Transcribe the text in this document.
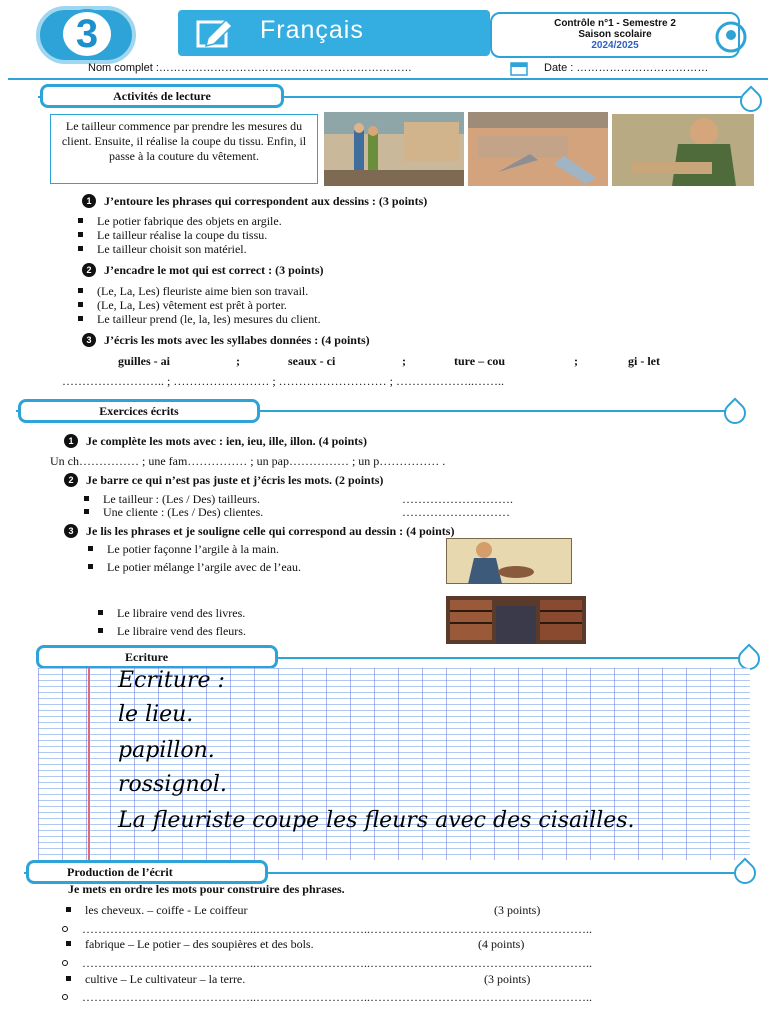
3	Français	Contrôle n°1 - Semestre 2
Saison scolaire
2024/2025
Nom complet :……………………………………………………………	Date : ………………………………
Activités de lecture
Le tailleur commence par prendre les mesures du client. Ensuite, il réalise la coupe du tissu. Enfin, il passe à la couture du vêtement.
1 J’entoure les phrases qui correspondent aux dessins : (3 points)
Le potier fabrique des objets en argile.
Le tailleur réalise la coupe du tissu.
Le tailleur choisit son matériel.
2 J’encadre le mot qui est correct : (3 points)
(Le, La, Les) fleuriste aime bien son travail.
(Le, La, Les) vêtement est prêt à porter.
Le tailleur prend (le, la, les) mesures du client.
3 J’écris les mots avec les syllabes données : (4 points)
guilles - ai	;	seaux - ci	;	ture – cou	;	gi - let
…………………….. ; …………………… ; ……………………… ; ………………..……..
Exercices écrits
1 Je complète les mots avec : ien, ieu, ille, illon. (4 points)
Un ch…………… ; une fam…………… ; un pap…………… ; un p…………… .
2 Je barre ce qui n’est pas juste et j’écris les mots. (2 points)
Le tailleur : (Les / Des) tailleurs.	……………………….
Une cliente : (Les / Des) clientes.	………………………
3 Je lis les phrases et je souligne celle qui correspond au dessin : (4 points)
Le potier façonne l’argile à la main.
Le potier mélange l’argile avec de l’eau.
Le libraire vend des livres.
Le libraire vend des fleurs.
Ecriture
Ecriture :
le lieu.
papillon.
rossignol.
La fleuriste coupe les fleurs avec des cisailles.
Production de l’écrit
Je mets en ordre les mots pour construire des phrases.
les cheveux. – coiffe - Le coiffeur	(3 points)
……………………………………..………………………..………………………………………………..
fabrique – Le potier – des soupières et des bols.	(4 points)
……………………………………..………………………..………………………………………………..
cultive – Le cultivateur – la terre.	(3 points)
……………………………………..………………………..………………………………………………..
